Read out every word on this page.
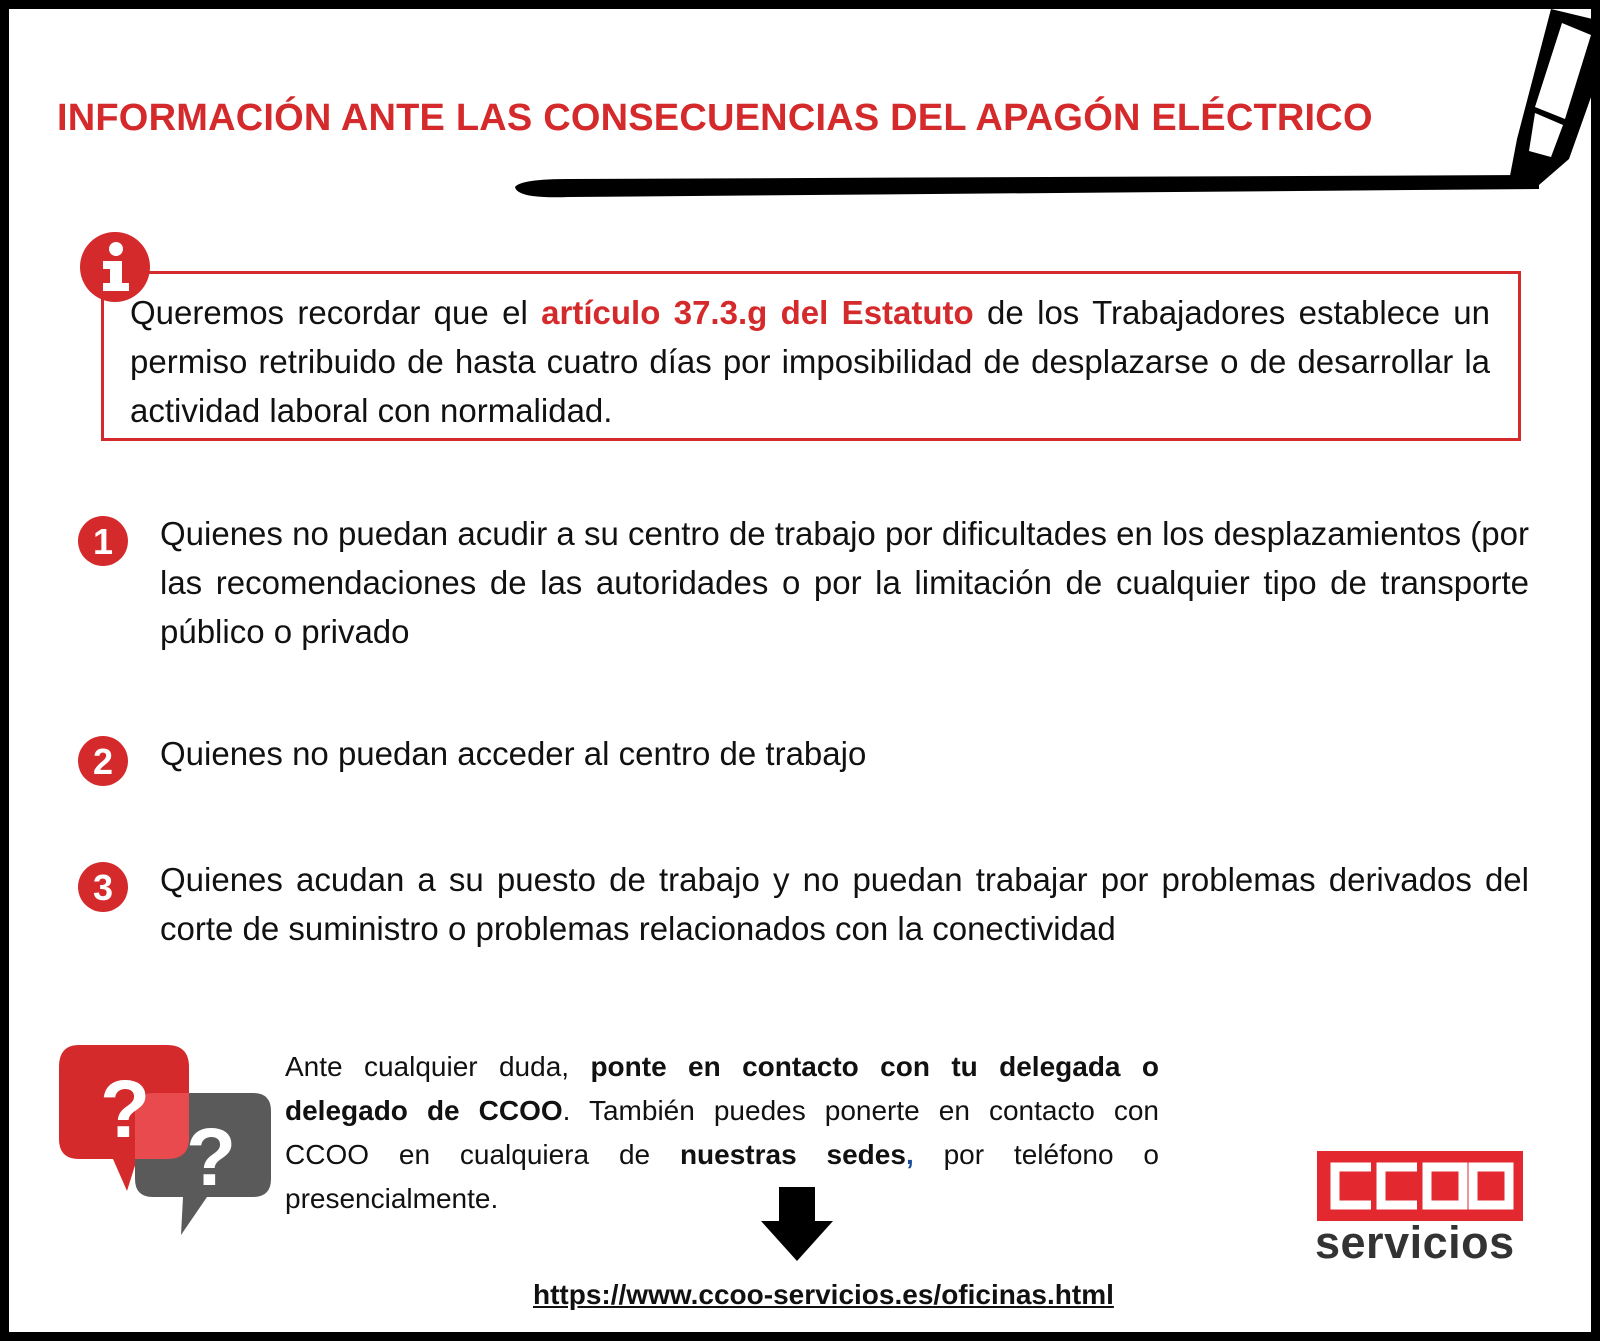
INFORMACIÓN ANTE LAS CONSECUENCIAS DEL APAGÓN ELÉCTRICO

Queremos recordar que el artículo 37.3.g del Estatuto de los Trabajadores establece un permiso retribuido de hasta cuatro días por imposibilidad de desplazarse o de desarrollar la actividad laboral con normalidad.

1 Quienes no puedan acudir a su centro de trabajo por dificultades en los desplazamientos (por las recomendaciones de las autoridades o por la limitación de cualquier tipo de transporte público o privado

2 Quienes no puedan acceder al centro de trabajo

3 Quienes acudan a su puesto de trabajo y no puedan trabajar por problemas derivados del corte de suministro o problemas relacionados con la conectividad

?
?

Ante cualquier duda, ponte en contacto con tu delegada o delegado de CCOO. También puedes ponerte en contacto con CCOO en cualquiera de nuestras sedes, por teléfono o presencialmente.

https://www.ccoo-servicios.es/oficinas.html
servicios
